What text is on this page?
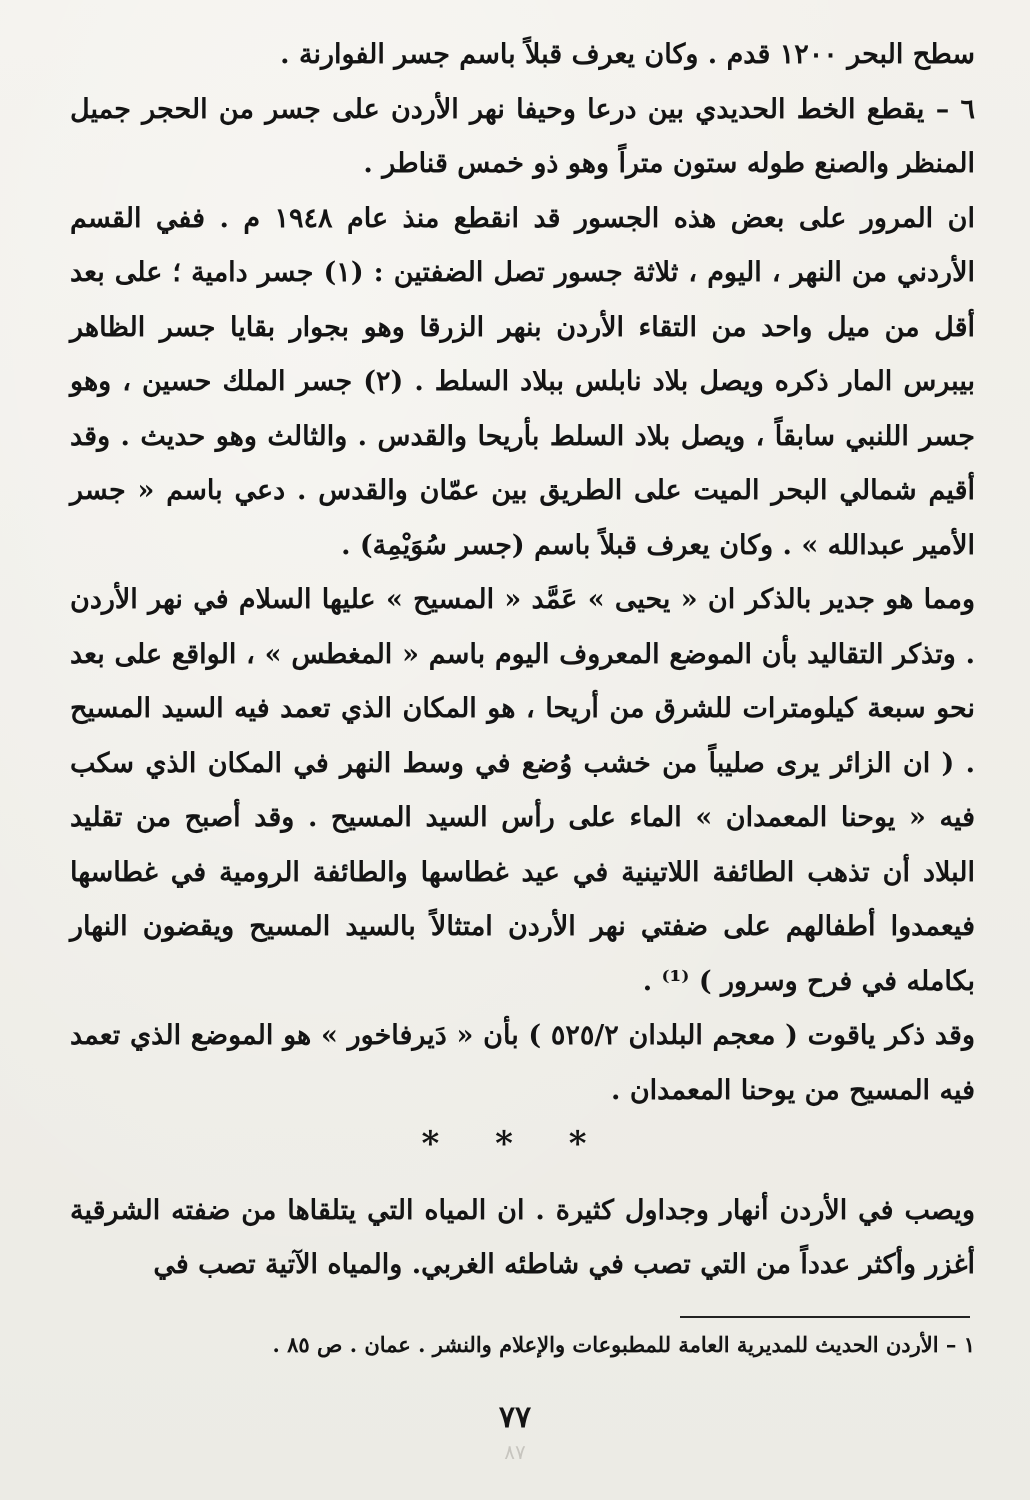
سطح البحر ١٢٠٠ قدم . وكان يعرف قبلاً باسم جسر الفوارنة .

٦ – يقطع الخط الحديدي بين درعا وحيفا نهر الأردن على جسر من الحجر جميل المنظر والصنع طوله ستون متراً وهو ذو خمس قناطر .

ان المرور على بعض هذه الجسور قد انقطع منذ عام ١٩٤٨ م . ففي القسم الأردني من النهر ، اليوم ، ثلاثة جسور تصل الضفتين : (١) جسر دامية ؛ على بعد أقل من ميل واحد من التقاء الأردن بنهر الزرقا وهو بجوار بقايا جسر الظاهر بيبرس المار ذكره ويصل بلاد نابلس ببلاد السلط . (٢) جسر الملك حسين ، وهو جسر اللنبي سابقاً ، ويصل بلاد السلط بأريحا والقدس . والثالث وهو حديث . وقد أقيم شمالي البحر الميت على الطريق بين عمّان والقدس . دعي باسم « جسر الأمير عبدالله » . وكان يعرف قبلاً باسم (جسر سُوَيْمِة) .

ومما هو جدير بالذكر ان « يحيى » عَمَّد « المسيح » عليها السلام في نهر الأردن . وتذكر التقاليد بأن الموضع المعروف اليوم باسم « المغطس » ، الواقع على بعد نحو سبعة كيلومترات للشرق من أريحا ، هو المكان الذي تعمد فيه السيد المسيح . ( ان الزائر يرى صليباً من خشب وُضع في وسط النهر في المكان الذي سكب فيه « يوحنا المعمدان » الماء على رأس السيد المسيح . وقد أصبح من تقليد البلاد أن تذهب الطائفة اللاتينية في عيد غطاسها والطائفة الرومية في غطاسها فيعمدوا أطفالهم على ضفتي نهر الأردن امتثالاً بالسيد المسيح ويقضون النهار بكامله في فرح وسرور ) ⁽¹⁾ .

وقد ذكر ياقوت ( معجم البلدان ٥٢٥/٢ ) بأن « دَيرفاخور » هو الموضع الذي تعمد فيه المسيح من يوحنا المعمدان .

* * *

ويصب في الأردن أنهار وجداول كثيرة . ان المياه التي يتلقاها من ضفته الشرقية أغزر وأكثر عدداً من التي تصب في شاطئه الغربي. والمياه الآتية تصب في

١ – الأردن الحديث للمديرية العامة للمطبوعات والإعلام والنشر . عمان . ص ٨٥ .
٧٧
٨٧
